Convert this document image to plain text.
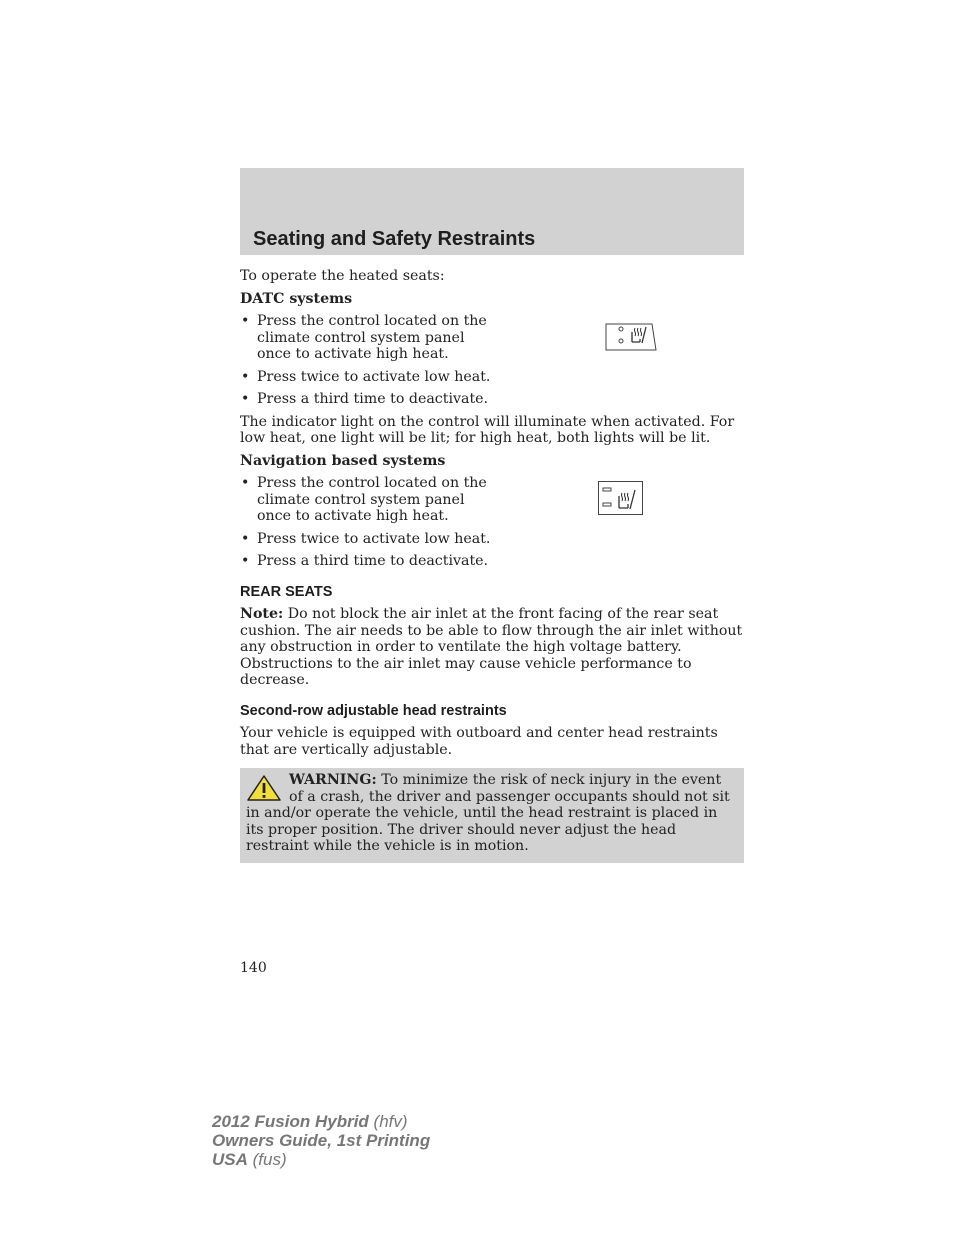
Seating and Safety Restraints

To operate the heated seats:

DATC systems

• Press the control located on the climate control system panel once to activate high heat.
• Press twice to activate low heat.
• Press a third time to deactivate.

The indicator light on the control will illuminate when activated. For low heat, one light will be lit; for high heat, both lights will be lit.

Navigation based systems

• Press the control located on the climate control system panel once to activate high heat.
• Press twice to activate low heat.
• Press a third time to deactivate.
REAR SEATS

Note: Do not block the air inlet at the front facing of the rear seat cushion. The air needs to be able to flow through the air inlet without any obstruction in order to ventilate the high voltage battery. Obstructions to the air inlet may cause vehicle performance to decrease.

Second-row adjustable head restraints

Your vehicle is equipped with outboard and center head restraints that are vertically adjustable.

WARNING: To minimize the risk of neck injury in the event of a crash, the driver and passenger occupants should not sit in and/or operate the vehicle, until the head restraint is placed in its proper position. The driver should never adjust the head restraint while the vehicle is in motion.
140
2012 Fusion Hybrid (hfv)
Owners Guide, 1st Printing
USA (fus)
